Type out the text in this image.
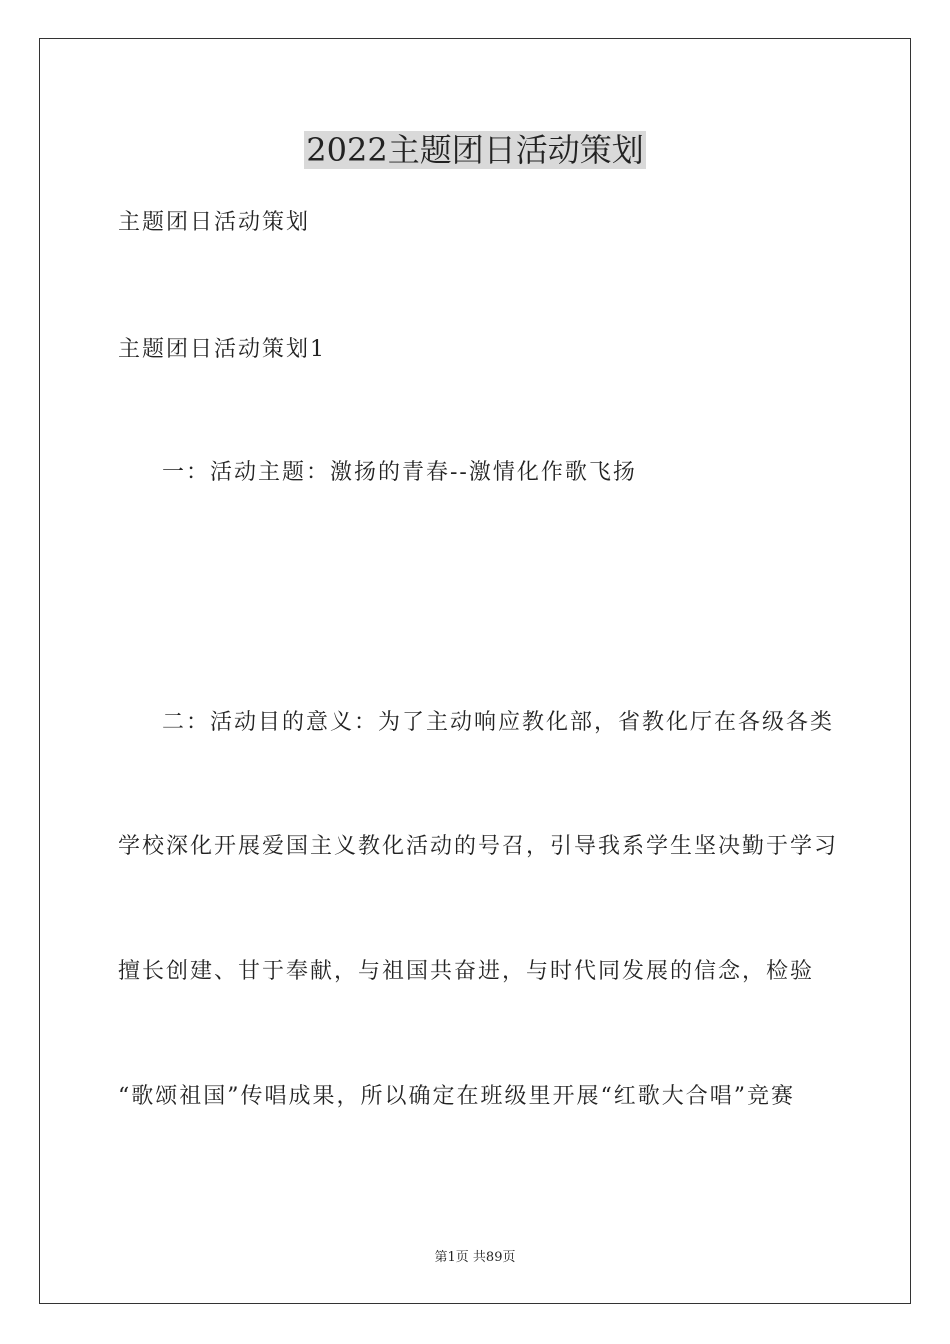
2022主题团日活动策划
主题团日活动策划
主题团日活动策划1
一：活动主题：激扬的青春--激情化作歌飞扬
二：活动目的意义：为了主动响应教化部，省教化厅在各级各类
学校深化开展爱国主义教化活动的号召，引导我系学生坚决勤于学习
擅长创建、甘于奉献，与祖国共奋进，与时代同发展的信念，检验
“歌颂祖国”传唱成果，所以确定在班级里开展“红歌大合唱”竞赛
第1页 共89页
